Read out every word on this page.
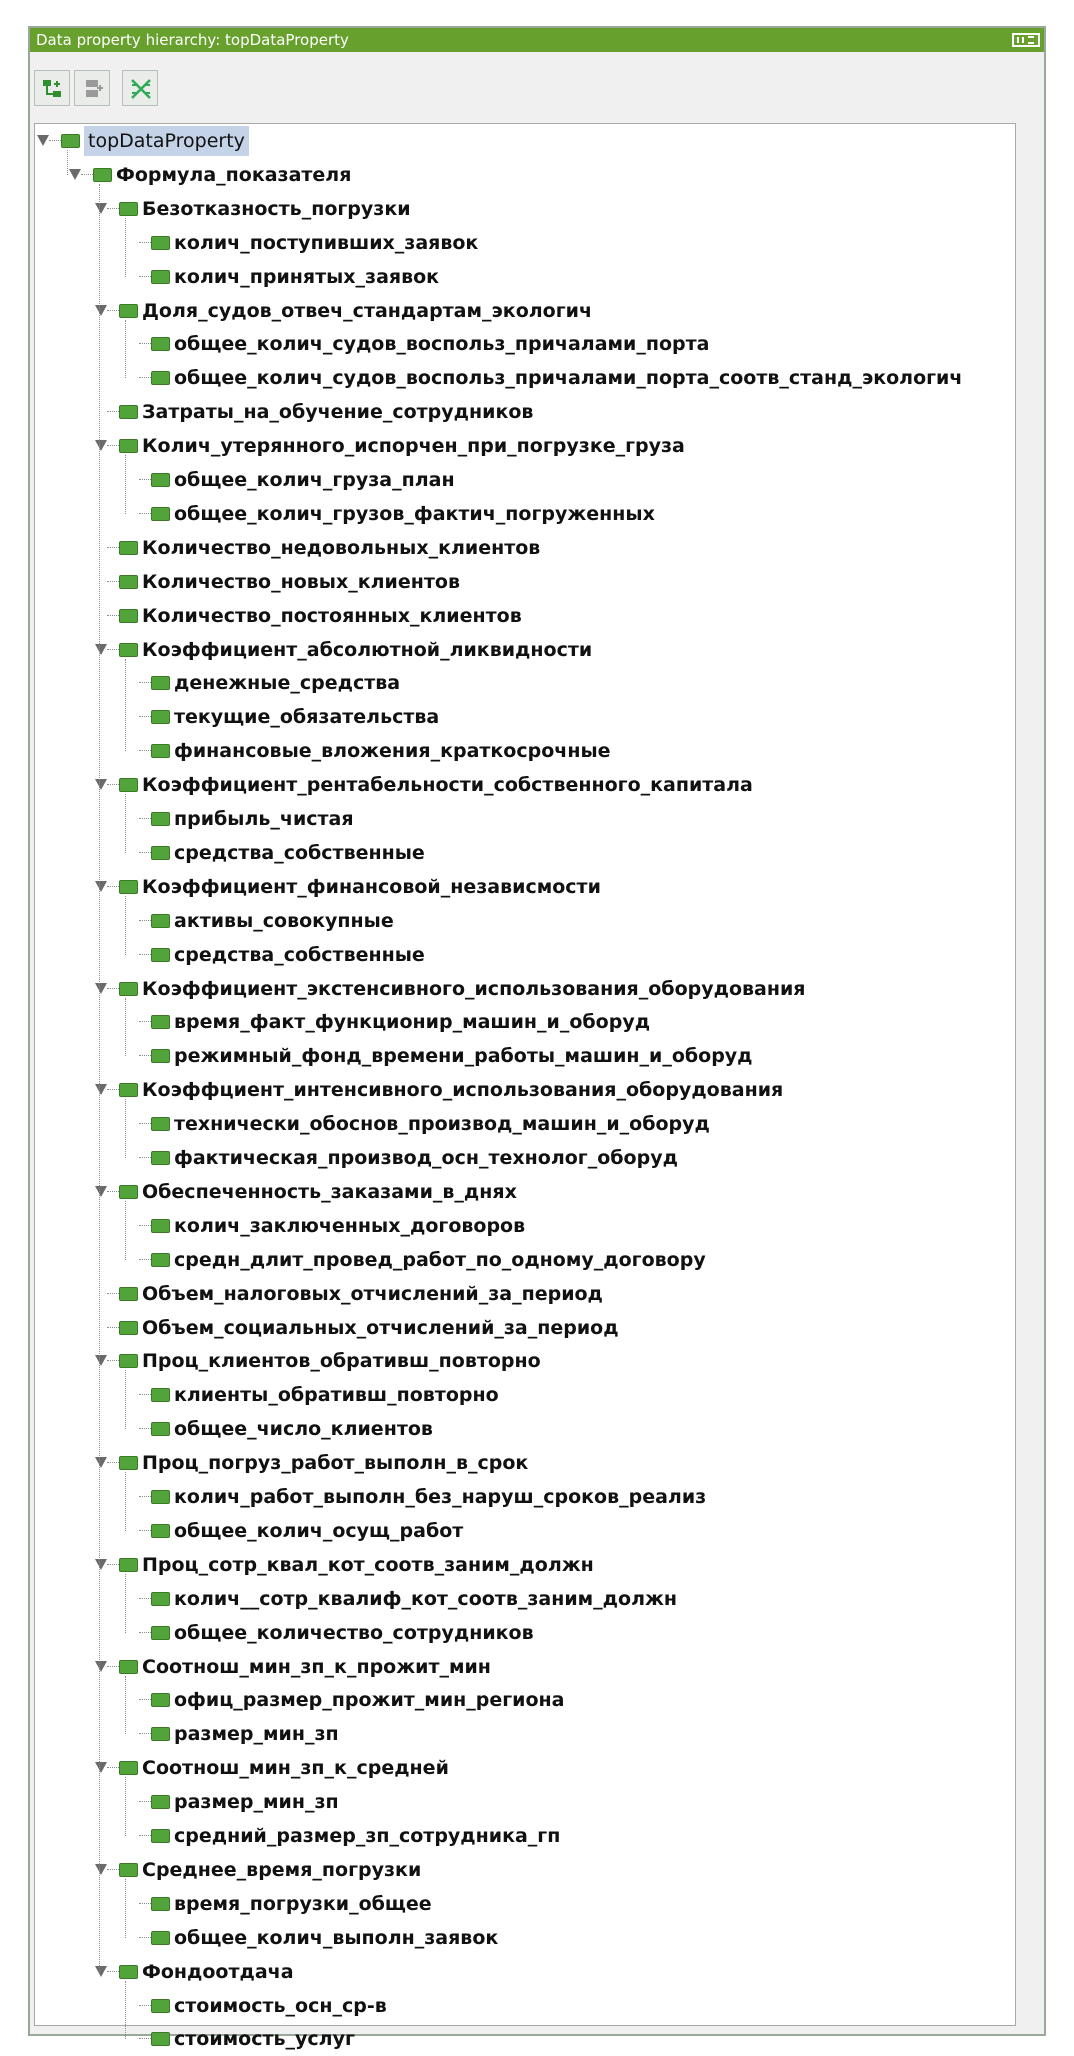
Data property hierarchy: topDataProperty
topDataProperty
Формула_показателя
Безотказность_погрузки
колич_поступивших_заявок
колич_принятых_заявок
Доля_судов_отвеч_стандартам_экологич
общее_колич_судов_воспольз_причалами_порта
общее_колич_судов_воспольз_причалами_порта_соотв_станд_экологич
Затраты_на_обучение_сотрудников
Колич_утерянного_испорчен_при_погрузке_груза
общее_колич_груза_план
общее_колич_грузов_фактич_погруженных
Количество_недовольных_клиентов
Количество_новых_клиентов
Количество_постоянных_клиентов
Коэффициент_абсолютной_ликвидности
денежные_средства
текущие_обязательства
финансовые_вложения_краткосрочные
Коэффициент_рентабельности_собственного_капитала
прибыль_чистая
средства_собственные
Коэффициент_финансовой_независмости
активы_совокупные
средства_собственные
Коэффициент_экстенсивного_использования_оборудования
время_факт_функционир_машин_и_оборуд
режимный_фонд_времени_работы_машин_и_оборуд
Коэффциент_интенсивного_использования_оборудования
технически_обоснов_производ_машин_и_оборуд
фактическая_производ_осн_технолог_оборуд
Обеспеченность_заказами_в_днях
колич_заключенных_договоров
средн_длит_провед_работ_по_одному_договору
Объем_налоговых_отчислений_за_период
Объем_социальных_отчислений_за_период
Проц_клиентов_обративш_повторно
клиенты_обративш_повторно
общее_число_клиентов
Проц_погруз_работ_выполн_в_срок
колич_работ_выполн_без_наруш_сроков_реализ
общее_колич_осущ_работ
Проц_сотр_квал_кот_соотв_заним_должн
колич__сотр_квалиф_кот_соотв_заним_должн
общее_количество_сотрудников
Соотнош_мин_зп_к_прожит_мин
офиц_размер_прожит_мин_региона
размер_мин_зп
Соотнош_мин_зп_к_средней
размер_мин_зп
средний_размер_зп_сотрудника_гп
Среднее_время_погрузки
время_погрузки_общее
общее_колич_выполн_заявок
Фондоотдача
стоимость_осн_ср-в
стоимость_услуг
